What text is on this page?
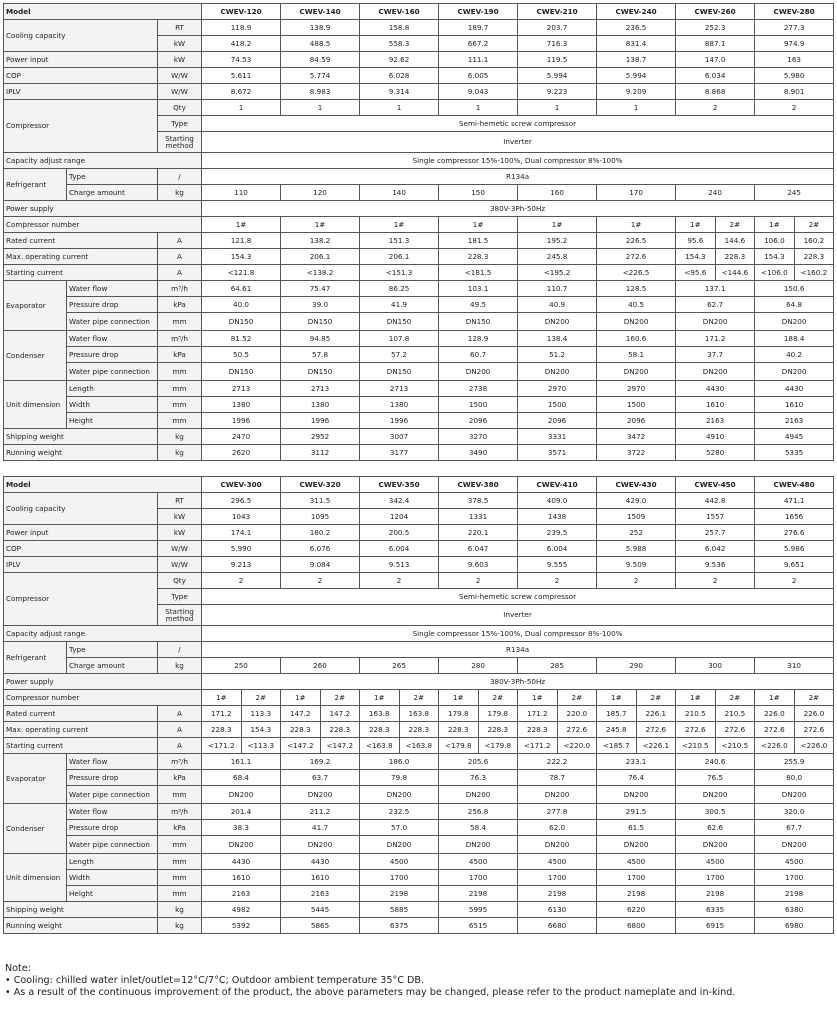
Model			CWEV-120	CWEV-140	CWEV-160	CWEV-190	CWEV-210	CWEV-240	CWEV-260		CWEV-280	
Cooling capacity		RT	118.9	138.9	158.8	189.7	203.7	236.5	252.3		277.3	
		kW	418.2	488.5	558.3	667.2	716.3	831.4	887.1		974.9	
Power input		kW	74.53	84.59	92.62	111.1	119.5	138.7	147.0		163	
COP		W/W	5.611	5.774	6.028	6.005	5.994	5.994	6.034		5.980	
IPLV		W/W	8.672	8.983	9.314	9.043	9.223	9.209	8.868		8.901	
Compressor		Qty	1	1	1	1	1	1	2		2	
		Type	Semi-hemetic screw compressor									
		Starting method	Inverter									
Capacity adjust range			Single compressor 15%-100%, Dual compressor 8%-100%									
Refrigerant	Type	/	R134a									
	Charge amount	kg	110	120	140	150	160	170	240		245	
Power supply			380V-3Ph-50Hz									
Compressor number			1#	1#	1#	1#	1#	1#	1#	2#	1#	2#
Rated current		A	121.8	138.2	151.3	181.5	195.2	226.5	95.6	144.6	106.0	160.2
Max. operating current		A	154.3	206.1	206.1	228.3	245.8	272.6	154.3	228.3	154.3	228.3
Starting current		A	<121.8	<138.2	<151.3	<181.5	<195.2	<226.5	<95.6	<144.6	<106.0	<160.2
Evaporator	Water flow	m³/h	64.61	75.47	86.25	103.1	110.7	128.5	137.1		150.6	
	Pressure drop	kPa	40.0	39.0	41.9	49.5	40.9	40.5	62.7		64.8	
	Water pipe connection	mm	DN150	DN150	DN150	DN150	DN200	DN200	DN200		DN200	
Condenser	Water flow	m³/h	81.52	94.85	107.8	128.9	138.4	160.6	171.2		188.4	
	Pressure drop	kPa	50.5	57.8	57.2	60.7	51.2	58.1	37.7		40.2	
	Water pipe connection	mm	DN150	DN150	DN150	DN200	DN200	DN200	DN200		DN200	
Unit dimension	Length	mm	2713	2713	2713	2738	2970	2970	4430		4430	
	Width	mm	1380	1380	1380	1500	1500	1500	1610		1610	
	Height	mm	1996	1996	1996	2096	2096	2096	2163		2163	
Shipping weight		kg	2470	2952	3007	3270	3331	3472	4910		4945	
Running weight		kg	2620	3112	3177	3490	3571	3722	5280		5335	
Model			CWEV-300		CWEV-320		CWEV-350		CWEV-380		CWEV-410		CWEV-430		CWEV-450		CWEV-480	
Cooling capacity		RT	296.5		311.5		342.4		378.5		409.0		429.0		442.8		471.1	
		kW	1043		1095		1204		1331		1438		1509		1557		1656	
Power input		kW	174.1		180.2		200.5		220.1		239.5		252		257.7		276.6	
COP		W/W	5.990		6.076		6.004		6.047		6.004		5.988		6.042		5.986	
IPLV		W/W	9.213		9.084		9.513		9.603		9.555		9.509		9.536		9.651	
Compressor		Qty	2		2		2		2		2		2		2		2	
		Type	Semi-hemetic screw compressor															
		Starting method	Inverter															
Capacity adjust range			Single compressor 15%-100%, Dual compressor 8%-100%															
Refrigerant	Type	/	R134a															
	Charge amount	kg	250		260		265		280		285		290		300		310	
Power supply			380V-3Ph-50Hz															
Compressor number			1#	2#	1#	2#	1#	2#	1#	2#	1#	2#	1#	2#	1#	2#	1#	2#
Rated current		A	171.2	113.3	147.2	147.2	163.8	163.8	179.8	179.8	171.2	220.0	185.7	226.1	210.5	210.5	226.0	226.0
Max. operating current		A	228.3	154.3	228.3	228.3	228.3	228.3	228.3	228.3	228.3	272.6	245.8	272.6	272.6	272.6	272.6	272.6
Starting current		A	<171.2	<113.3	<147.2	<147.2	<163.8	<163.8	<179.8	<179.8	<171.2	<220.0	<185.7	<226.1	<210.5	<210.5	<226.0	<226.0
Evaporator	Water flow	m³/h	161.1		169.2		186.0		205.6		222.2		233.1		240.6		255.9	
	Pressure drop	kPa	68.4		63.7		79.8		76.3		78.7		76.4		76.5		80.0	
	Water pipe connection	mm	DN200		DN200		DN200		DN200		DN200		DN200		DN200		DN200	
Condenser	Water flow	m³/h	201.4		211.2		232.5		256.8		277.8		291.5		300.5		320.0	
	Pressure drop	kPa	38.3		41.7		57.0		58.4		62.0		61.5		62.6		67.7	
	Water pipe connection	mm	DN200		DN200		DN200		DN200		DN200		DN200		DN200		DN200	
Unit dimension	Length	mm	4430		4430		4500		4500		4500		4500		4500		4500	
	Width	mm	1610		1610		1700		1700		1700		1700		1700		1700	
	Height	mm	2163		2163		2198		2198		2198		2198		2198		2198	
Shipping weight		kg	4982		5445		5885		5995		6130		6220		6335		6380	
Running weight		kg	5392		5865		6375		6515		6680		6800		6915		6980	
Note:
• Cooling: chilled water inlet/outlet=12°C/7°C; Outdoor ambient temperature 35°C DB.
• As a result of the continuous improvement of the product, the above parameters may be changed, please refer to the product nameplate and in-kind.
